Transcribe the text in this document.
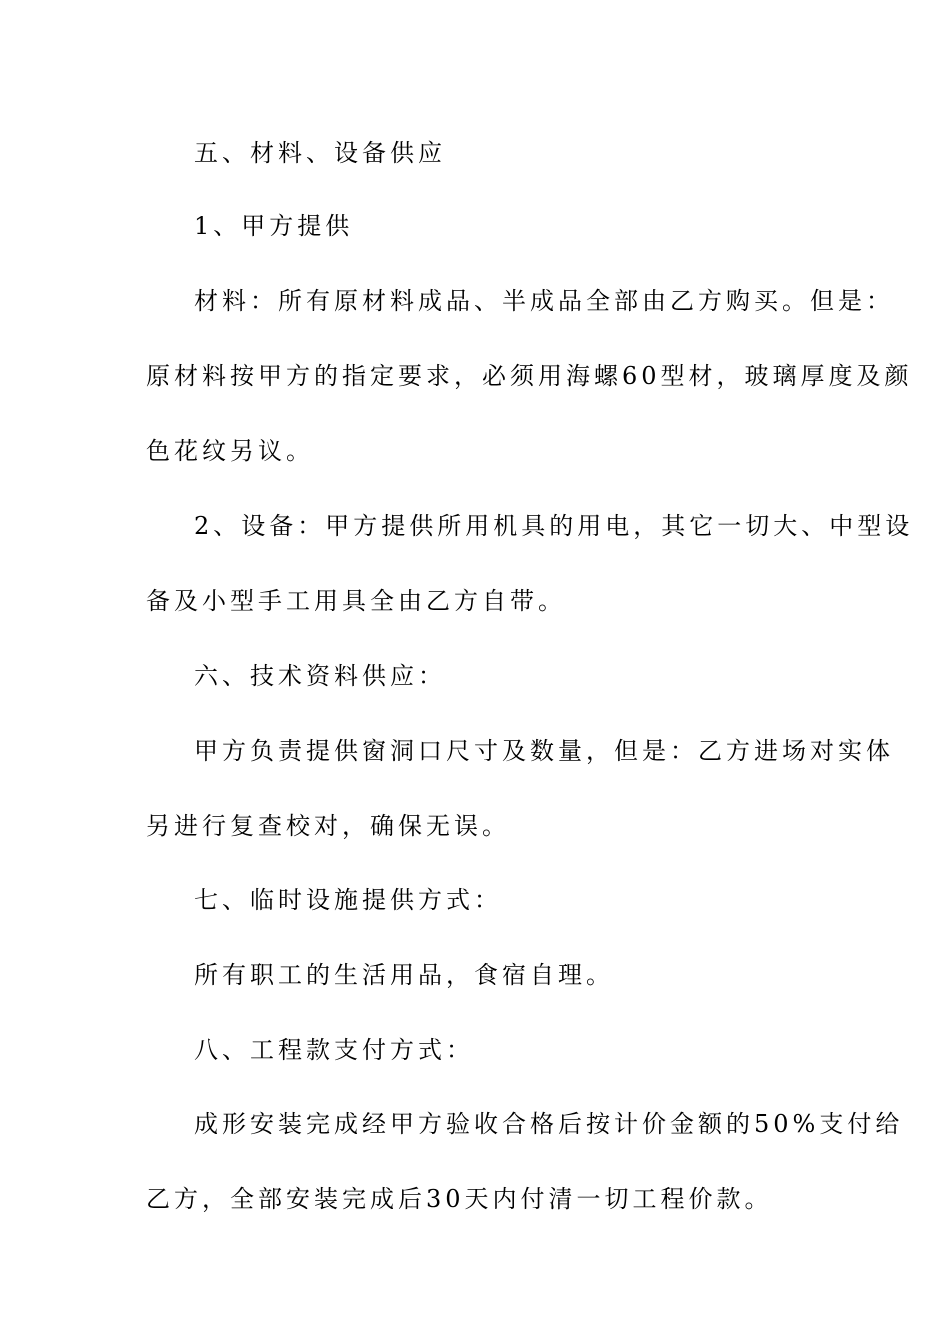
五、材料、设备供应
1、甲方提供
材料：所有原材料成品、半成品全部由乙方购买。但是：
原材料按甲方的指定要求，必须用海螺60型材，玻璃厚度及颜
色花纹另议。
2、设备：甲方提供所用机具的用电，其它一切大、中型设
备及小型手工用具全由乙方自带。
六、技术资料供应：
甲方负责提供窗洞口尺寸及数量，但是：乙方进场对实体
另进行复查校对，确保无误。
七、临时设施提供方式：
所有职工的生活用品，食宿自理。
八、工程款支付方式：
成形安装完成经甲方验收合格后按计价金额的50%支付给
乙方，全部安装完成后30天内付清一切工程价款。
